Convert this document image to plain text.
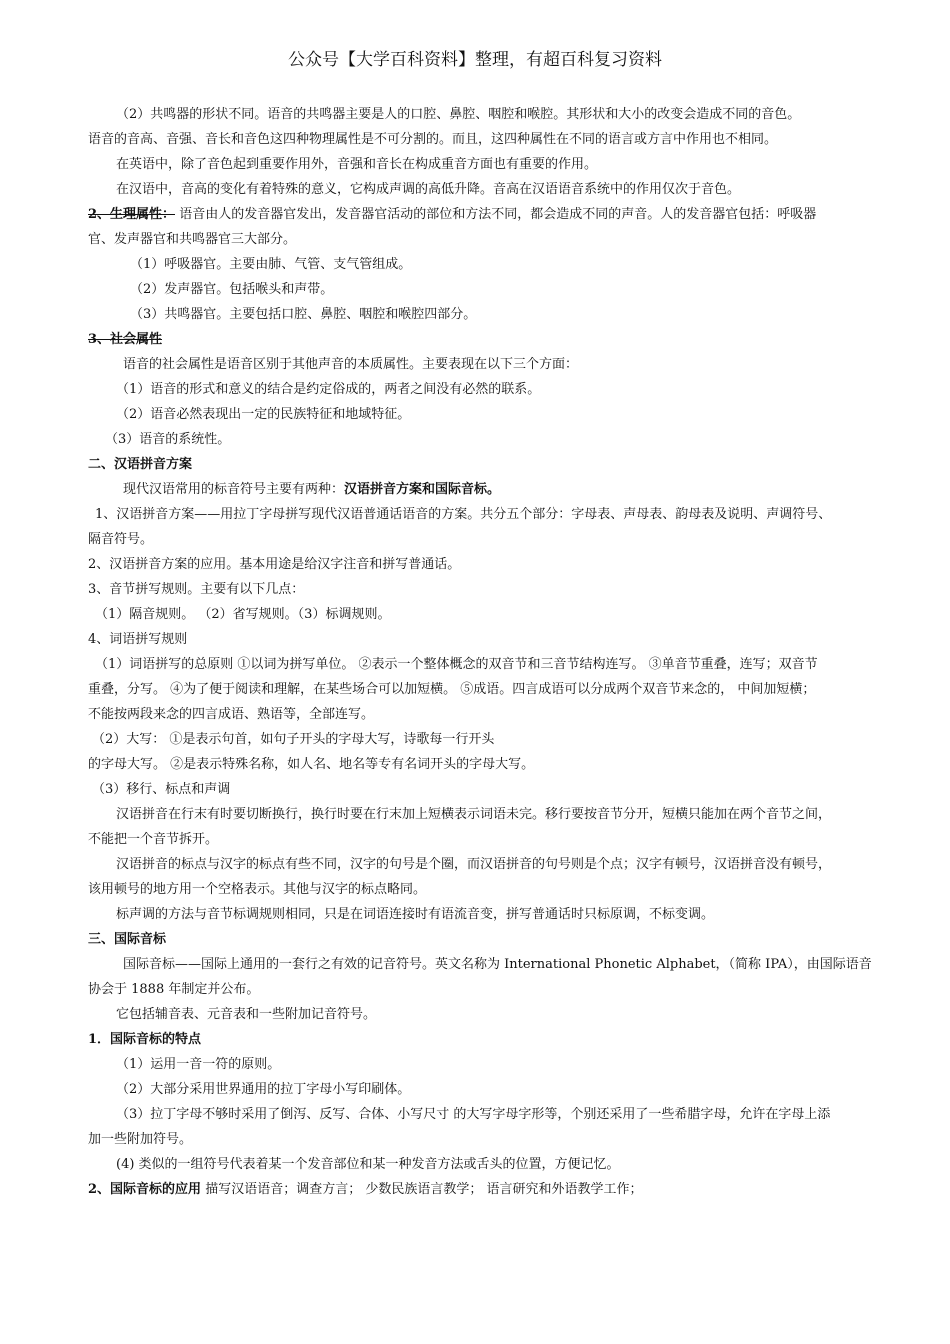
公众号【大学百科资料】整理，有超百科复习资料
（2）共鸣器的形状不同。语音的共鸣器主要是人的口腔、鼻腔、咽腔和喉腔。其形状和大小的改变会造成不同的音色。
语音的音高、音强、音长和音色这四种物理属性是不可分割的。而且，这四种属性在不同的语言或方言中作用也不相同。
在英语中，除了音色起到重要作用外，音强和音长在构成重音方面也有重要的作用。
在汉语中，音高的变化有着特殊的意义，它构成声调的高低升降。音高在汉语语音系统中的作用仅次于音色。
2、生理属性： 语音由人的发音器官发出，发音器官活动的部位和方法不同，都会造成不同的声音。人的发音器官包括：呼吸器
官、发声器官和共鸣器官三大部分。
（1）呼吸器官。主要由肺、气管、支气管组成。
（2）发声器官。包括喉头和声带。
（3）共鸣器官。主要包括口腔、鼻腔、咽腔和喉腔四部分。
3、社会属性
语音的社会属性是语音区别于其他声音的本质属性。主要表现在以下三个方面：
（1）语音的形式和意义的结合是约定俗成的，两者之间没有必然的联系。
（2）语音必然表现出一定的民族特征和地域特征。
（3）语音的系统性。
二、汉语拼音方案
现代汉语常用的标音符号主要有两种：汉语拼音方案和国际音标。
1、汉语拼音方案——用拉丁字母拼写现代汉语普通话语音的方案。共分五个部分：字母表、声母表、韵母表及说明、声调符号、
隔音符号。
2、汉语拼音方案的应用。基本用途是给汉字注音和拼写普通话。
3、音节拼写规则。主要有以下几点：
（1）隔音规则。 （2）省写规则。（3）标调规则。
4、词语拼写规则
（1）词语拼写的总原则 ①以词为拼写单位。 ②表示一个整体概念的双音节和三音节结构连写。 ③单音节重叠，连写；双音节
重叠，分写。 ④为了便于阅读和理解，在某些场合可以加短横。 ⑤成语。四言成语可以分成两个双音节来念的， 中间加短横；
不能按两段来念的四言成语、熟语等，全部连写。
（2）大写： ①是表示句首，如句子开头的字母大写，诗歌每一行开头
的字母大写。 ②是表示特殊名称，如人名、地名等专有名词开头的字母大写。
（3）移行、标点和声调
汉语拼音在行末有时要切断换行，换行时要在行末加上短横表示词语未完。移行要按音节分开，短横只能加在两个音节之间，
不能把一个音节拆开。
汉语拼音的标点与汉字的标点有些不同，汉字的句号是个圈，而汉语拼音的句号则是个点；汉字有顿号，汉语拼音没有顿号，
该用顿号的地方用一个空格表示。其他与汉字的标点略同。
标声调的方法与音节标调规则相同，只是在词语连接时有语流音变，拼写普通话时只标原调，不标变调。
三、国际音标
国际音标——国际上通用的一套行之有效的记音符号。英文名称为 International Phonetic Alphabet，（简称 IPA），由国际语音
协会于 1888 年制定并公布。
它包括辅音表、元音表和一些附加记音符号。
1．国际音标的特点
（1）运用一音一符的原则。
（2）大部分采用世界通用的拉丁字母小写印刷体。
（3）拉丁字母不够时采用了倒泻、反写、合体、小写尺寸 的大写字母字形等，个别还采用了一些希腊字母，允许在字母上添
加一些附加符号。
(4) 类似的一组符号代表着某一个发音部位和某一种发音方法或舌头的位置，方便记忆。
2、国际音标的应用 描写汉语语音；调查方言； 少数民族语言教学； 语言研究和外语教学工作；
